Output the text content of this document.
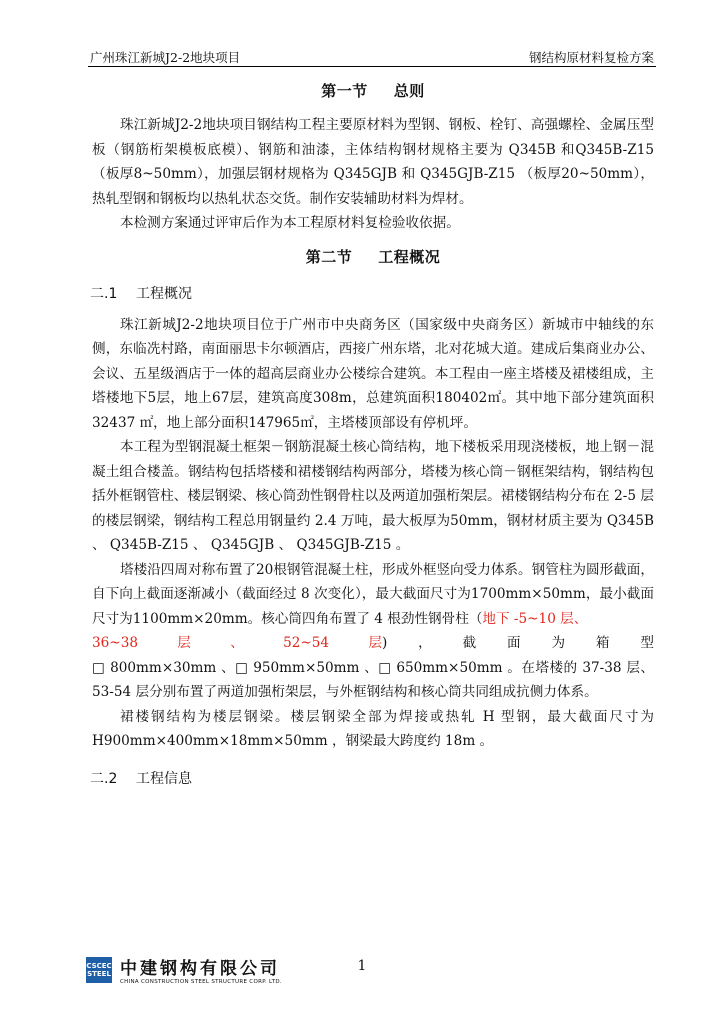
广州珠江新城J2-2地块项目	钢结构原材料复检方案
第一节 总则

珠江新城J2-2地块项目钢结构工程主要原材料为型钢、钢板、栓钉、高强螺栓、金属压型板（钢筋桁架模板底模）、钢筋和油漆，主体结构钢材规格主要为 Q345B 和Q345B-Z15 （板厚8~50mm），加强层钢材规格为 Q345GJB 和 Q345GJB-Z15 （板厚20~50mm），热轧型钢和钢板均以热轧状态交货。制作安装辅助材料为焊材。

本检测方案通过评审后作为本工程原材料复检验收依据。

第二节 工程概况
二.1 工程概况

珠江新城J2-2地块项目位于广州市中央商务区（国家级中央商务区）新城市中轴线的东侧，东临冼村路，南面丽思卡尔顿酒店，西接广州东塔，北对花城大道。建成后集商业办公、会议、五星级酒店于一体的超高层商业办公楼综合建筑。本工程由一座主塔楼及裙楼组成，主塔楼地下5层，地上67层，建筑高度308m，总建筑面积180402㎡。其中地下部分建筑面积 32437 ㎡，地上部分面积147965㎡，主塔楼顶部设有停机坪。

本工程为型钢混凝土框架－钢筋混凝土核心筒结构，地下楼板采用现浇楼板，地上钢－混凝土组合楼盖。钢结构包括塔楼和裙楼钢结构两部分，塔楼为核心筒－钢框架结构，钢结构包括外框钢管柱、楼层钢梁、核心筒劲性钢骨柱以及两道加强桁架层。裙楼钢结构分布在 2-5 层的楼层钢梁，钢结构工程总用钢量约 2.4 万吨，最大板厚为50mm，钢材材质主要为 Q345B 、 Q345B-Z15 、 Q345GJB 、 Q345GJB-Z15 。

塔楼沿四周对称布置了20根钢管混凝土柱，形成外框竖向受力体系。钢管柱为圆形截面，自下向上截面逐渐减小（截面经过 8 次变化），最大截面尺寸为1700mm×50mm，最小截面尺寸为1100mm×20mm。核心筒四角布置了 4 根劲性钢骨柱（地下 -5~10 层、

36~38	层	、	52~54	层 ) ， 截 面 为 箱 型

□ 800mm×30mm 、□ 950mm×50mm 、□ 650mm×50mm 。在塔楼的 37-38 层、 53-54 层分别布置了两道加强桁架层，与外框钢结构和核心筒共同组成抗侧力体系。

裙楼钢结构为楼层钢梁。楼层钢梁全部为焊接或热轧 H 型钢，最大截面尺寸为H900mm×400mm×18mm×50mm ，钢梁最大跨度约 18m 。

二.2 工程信息
CSCEC
STEEL 中建钢构有限公司
CHINA CONSTRUCTION STEEL STRUCTURE CORP. LTD.
1
